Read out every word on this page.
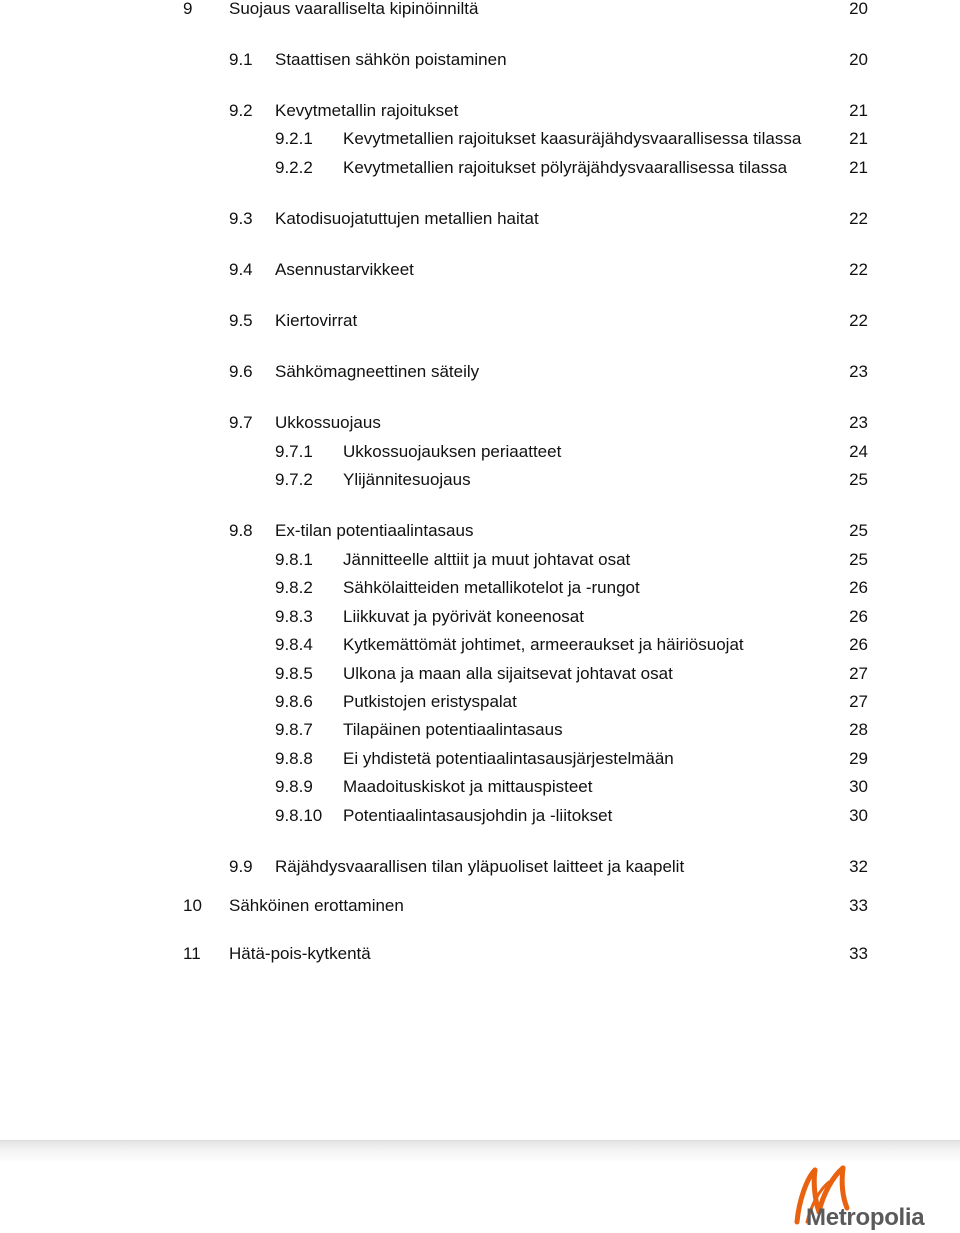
9 Suojaus vaaralliselta kipinöinniltä	20
9.1 Staattisen sähkön poistaminen	20
9.2 Kevytmetallin rajoitukset	21
9.2.1 Kevytmetallien rajoitukset kaasuräjähdysvaarallisessa tilassa	21
9.2.2 Kevytmetallien rajoitukset pölyräjähdysvaarallisessa tilassa	21
9.3 Katodisuojatuttujen metallien haitat	22
9.4 Asennustarvikkeet	22
9.5 Kiertovirrat	22
9.6 Sähkömagneettinen säteily	23
9.7 Ukkossuojaus	23
9.7.1 Ukkossuojauksen periaatteet	24
9.7.2 Ylijännitesuojaus	25
9.8 Ex-tilan potentiaalintasaus	25
9.8.1 Jännitteelle alttiit ja muut johtavat osat	25
9.8.2 Sähkölaitteiden metallikotelot ja -rungot	26
9.8.3 Liikkuvat ja pyörivät koneenosat	26
9.8.4 Kytkemättömät johtimet, armeeraukset ja häiriösuojat	26
9.8.5 Ulkona ja maan alla sijaitsevat johtavat osat	27
9.8.6 Putkistojen eristyspalat	27
9.8.7 Tilapäinen potentiaalintasaus	28
9.8.8 Ei yhdistetä potentiaalintasausjärjestelmään	29
9.8.9 Maadoituskiskot ja mittauspisteet	30
9.8.10 Potentiaalintasausjohdin ja -liitokset	30
9.9 Räjähdysvaarallisen tilan yläpuoliset laitteet ja kaapelit	32
10 Sähköinen erottaminen	33
11 Hätä-pois-kytkentä	33
Metropolia
